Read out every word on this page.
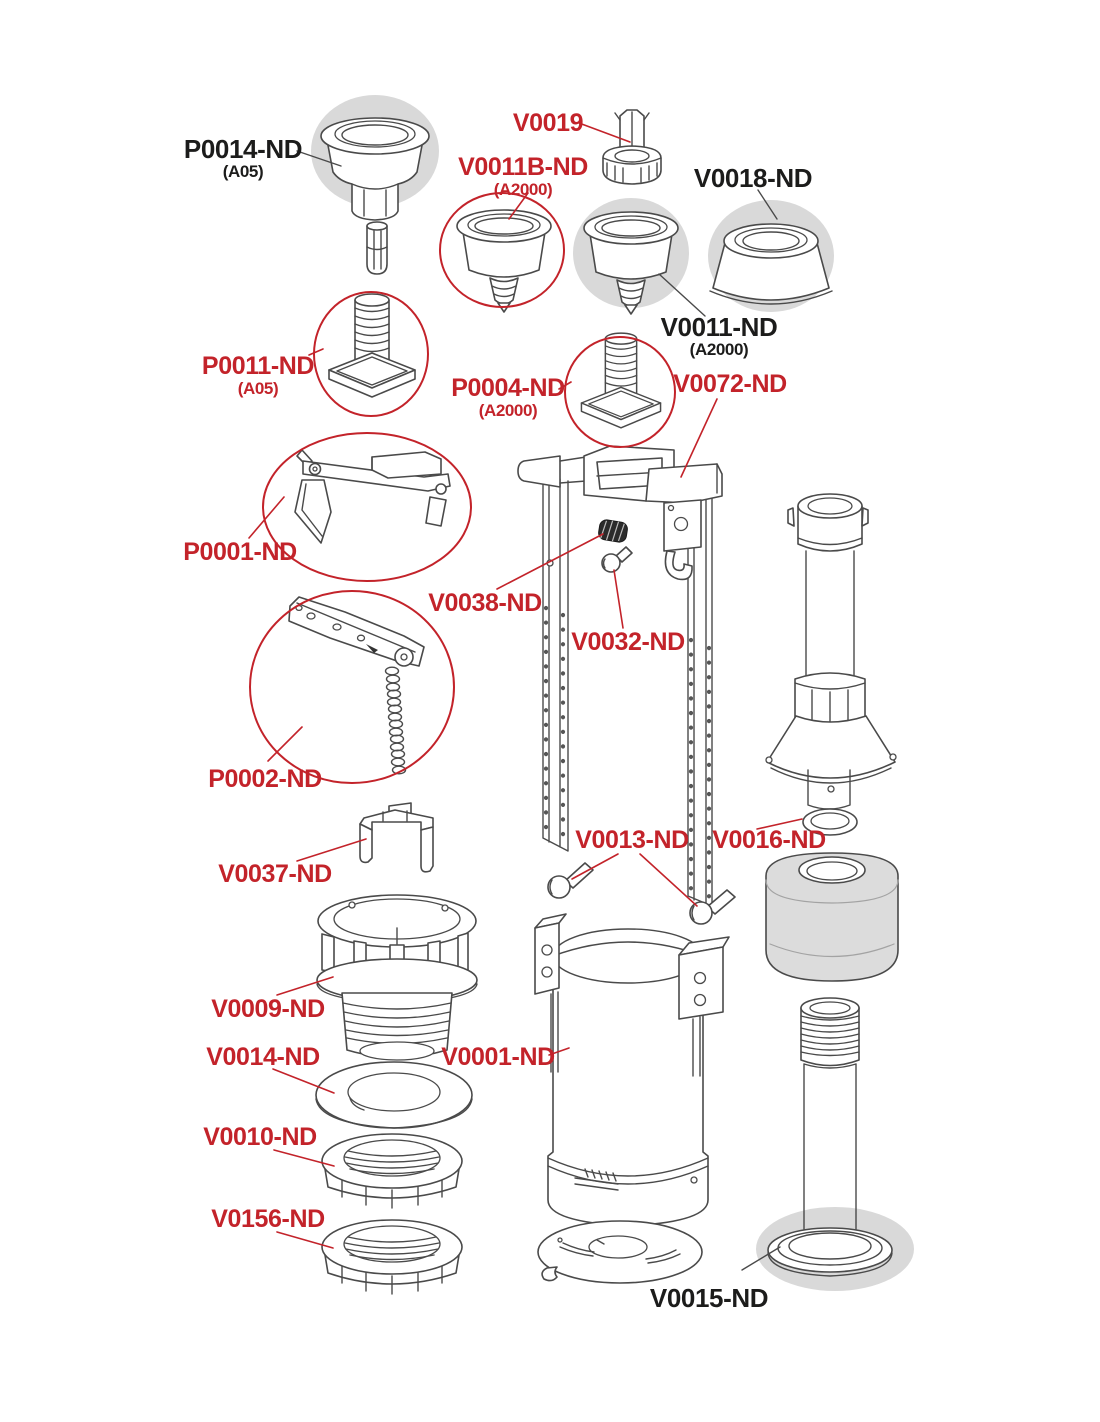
P0014-ND
(A05)
V0019
V0011B-ND
(A2000)	V0018-ND
V0011-ND
(A2000)
P0011-ND
(A05)	P0004-ND
(A2000)
V0072-ND
P0001-ND
V0038-ND
V0032-ND
P0002-ND
V0037-ND
V0013-ND V0016-ND
V0009-ND
V0014-ND	V0001-ND
V0010-ND
V0156-ND
V0015-ND
